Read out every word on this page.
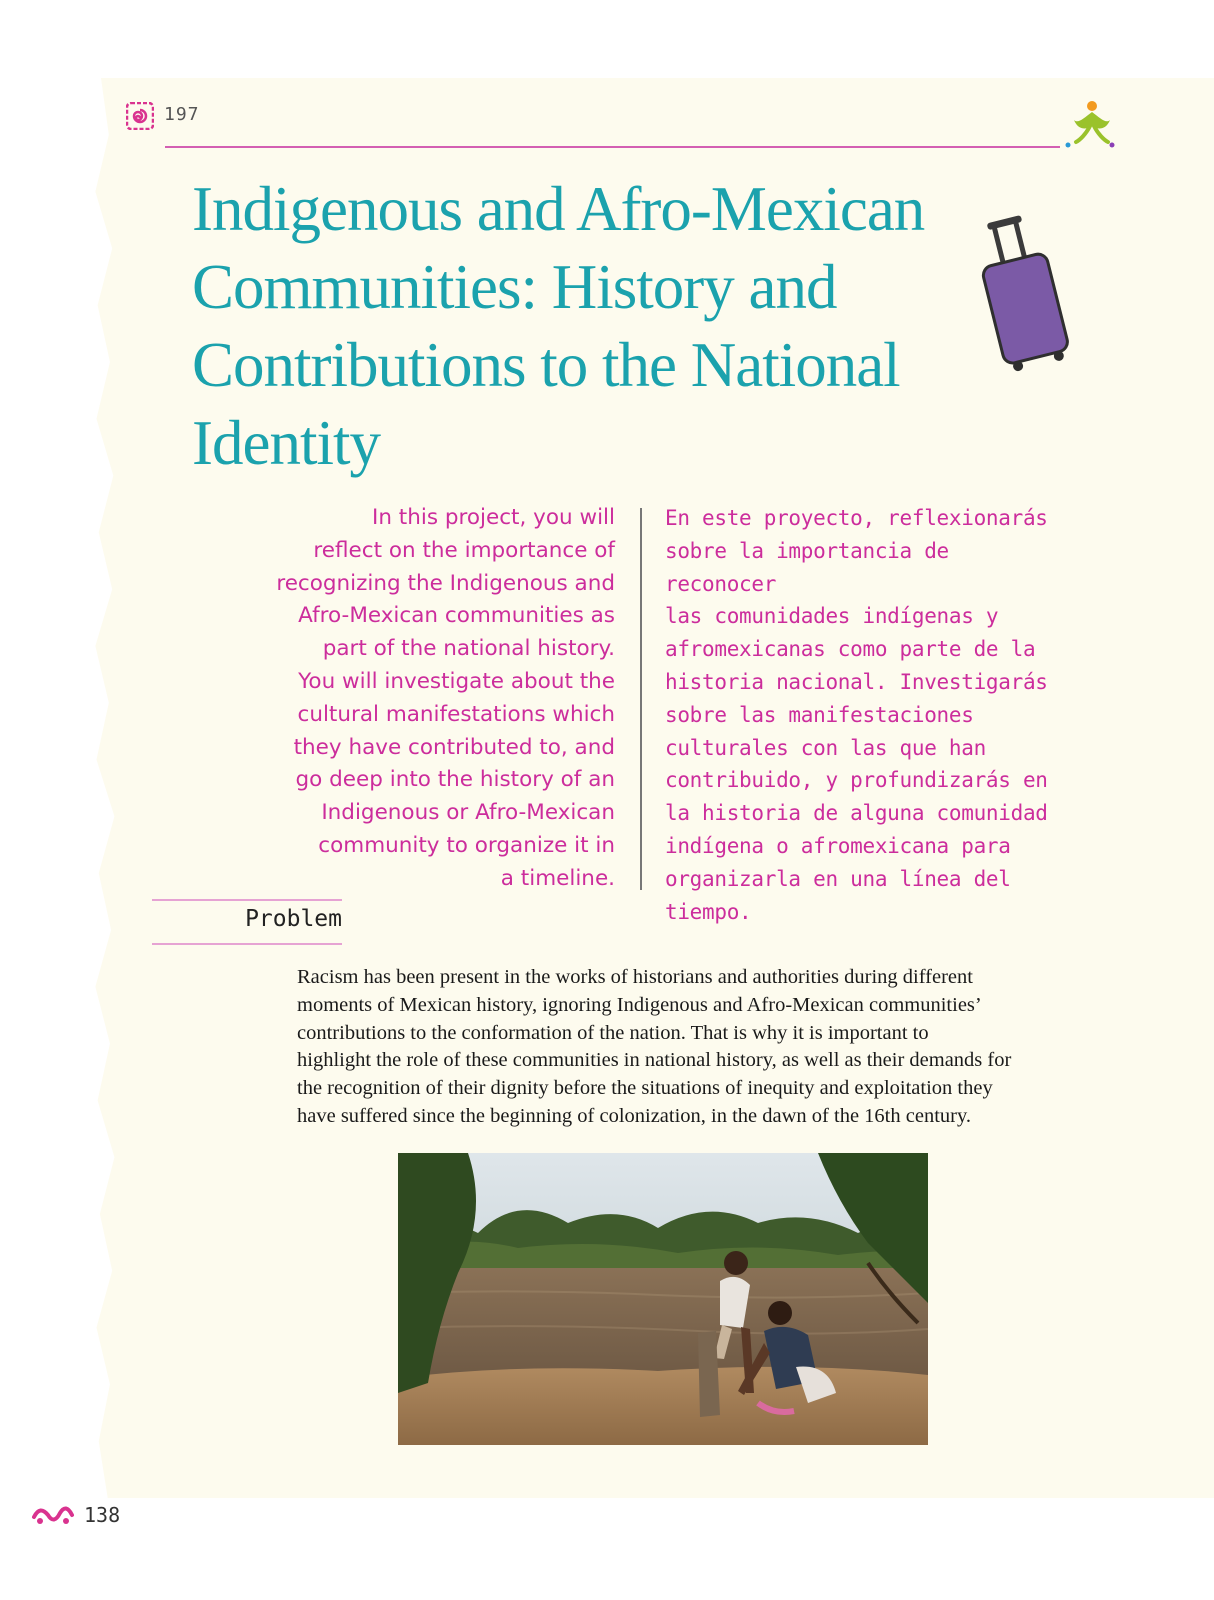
197
Indigenous and Afro-Mexican
Communities: History and
Contributions to the National
Identity
In this project, you will
reflect on the importance of
recognizing the Indigenous and
Afro-Mexican communities as
part of the national history.
You will investigate about the
cultural manifestations which
they have contributed to, and
go deep into the history of an
Indigenous or Afro-Mexican
community to organize it in
a timeline.
En este proyecto, reflexionarás
sobre la importancia de reconocer
las comunidades indígenas y
afromexicanas como parte de la
historia nacional. Investigarás
sobre las manifestaciones
culturales con las que han
contribuido, y profundizarás en
la historia de alguna comunidad
indígena o afromexicana para
organizarla en una línea del
tiempo.
Problem

Racism has been present in the works of historians and authorities during different
moments of Mexican history, ignoring Indigenous and Afro-Mexican communities’
contributions to the conformation of the nation. That is why it is important to
highlight the role of these communities in national history, as well as their demands for
the recognition of their dignity before the situations of inequity and exploitation they
have suffered since the beginning of colonization, in the dawn of the 16th century.

138
